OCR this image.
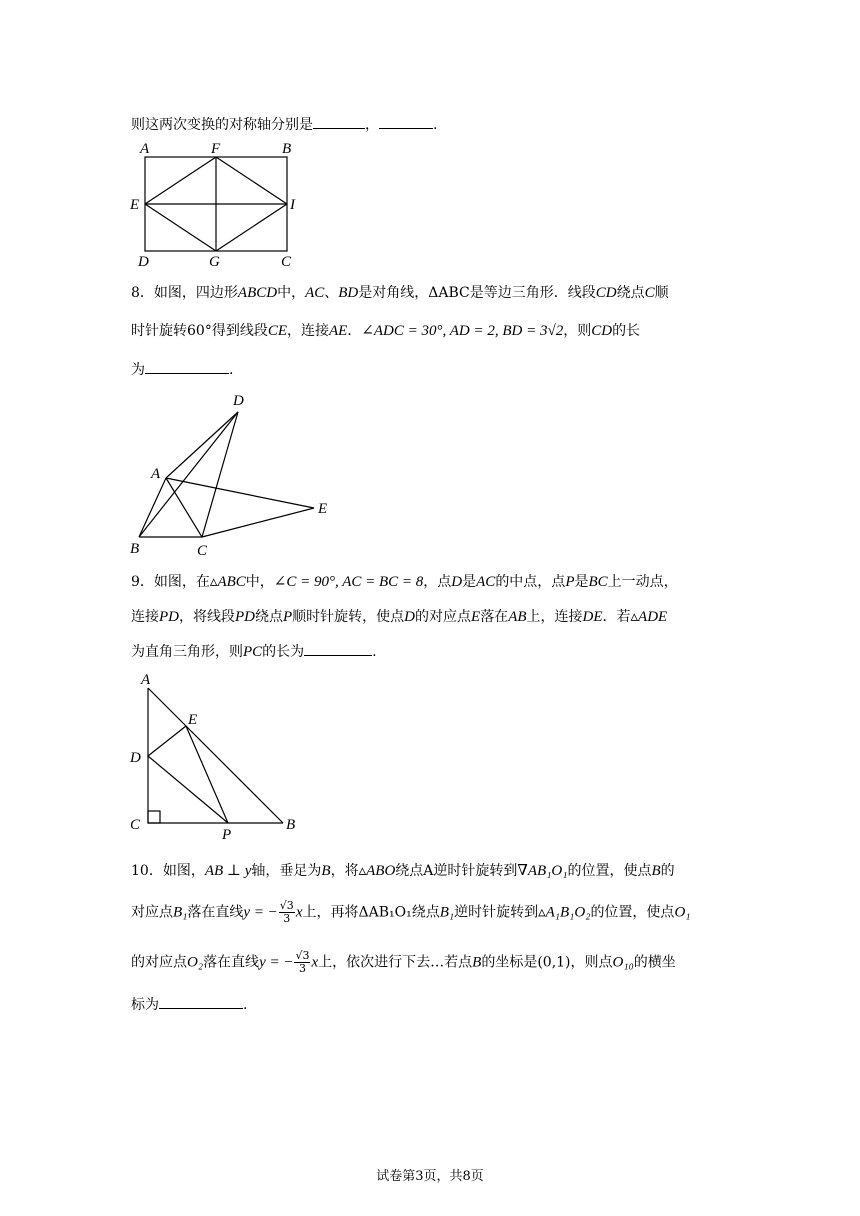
则这两次变换的对称轴分别是	，	.
A	F	B
E	I
D	G	C
8．如图，四边形ABCD中，AC、BD是对角线，ΔABC是等边三角形．线段CD绕点C顺
时针旋转60°得到线段CE，连接AE．∠ADC = 30°, AD = 2, BD = 3√2，则CD的长
为	.
D
A
E
B	C
9．如图，在▵ABC中，∠C = 90°, AC = BC = 8，点D是AC的中点，点P是BC上一动点，
连接PD，将线段PD绕点P顺时针旋转，使点D的对应点E落在AB上，连接DE．若▵ADE
为直角三角形，则PC的长为	.
A
E
D
C
P
B
10．如图，AB ⊥ y轴，垂足为B，将▵ABO绕点A逆时针旋转到∇AB₁O₁的位置，使点B的
对应点B₁落在直线y = − $\frac{√3}{3}$ x上，再将ΔAB₁O₁绕点B₁逆时针旋转到▵A₁B₁O₂的位置，使点O₁
的对应点O₂落在直线y = − $\frac{√3}{3}$ x上，依次进行下去…若点B的坐标是(0,1)，则点O₁₀的横坐
标为	.
试卷第3页，共8页
